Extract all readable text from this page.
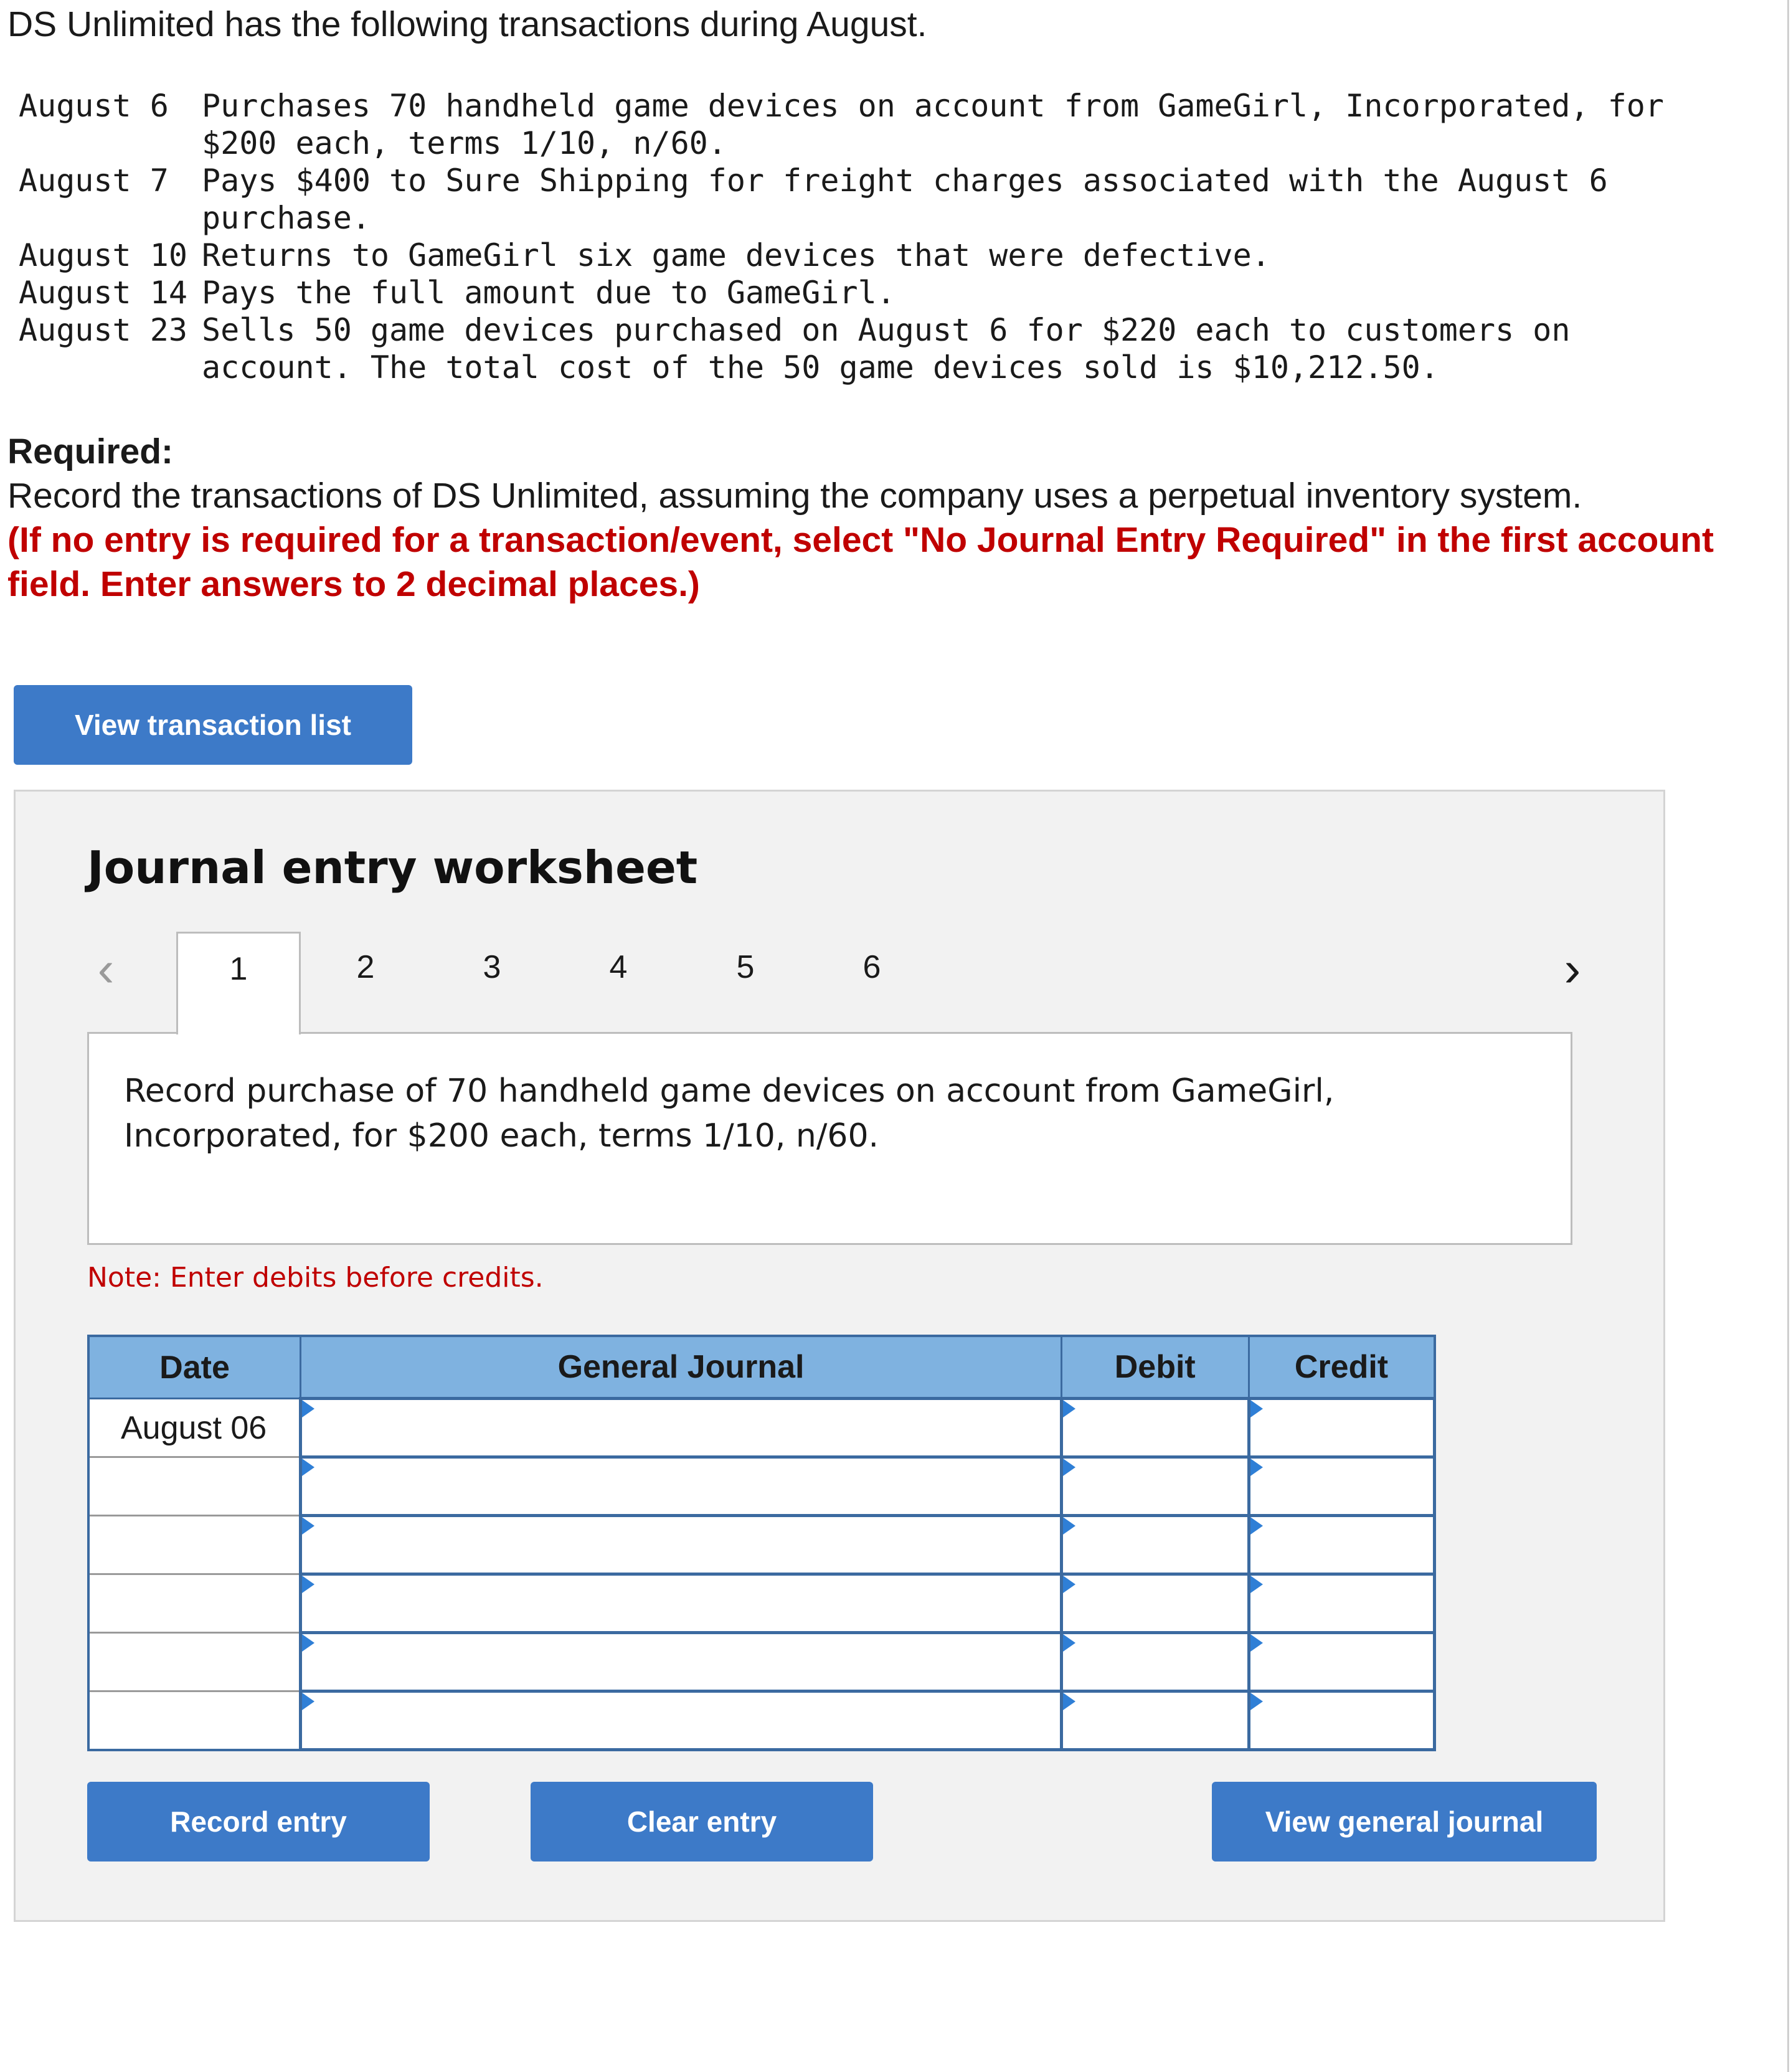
DS Unlimited has the following transactions during August.

August 6	Purchases 70 handheld game devices on account from GameGirl, Incorporated, for $200 each, terms 1/10, n/60.
August 7	Pays $400 to Sure Shipping for freight charges associated with the August 6 purchase.
August 10	Returns to GameGirl six game devices that were defective.
August 14	Pays the full amount due to GameGirl.
August 23	Sells 50 game devices purchased on August 6 for $220 each to customers on account. The total cost of the 50 game devices sold is $10,212.50.
Required:
Record the transactions of DS Unlimited, assuming the company uses a perpetual inventory system.
(If no entry is required for a transaction/event, select "No Journal Entry Required" in the first account field. Enter answers to 2 decimal places.)
View transaction list
Journal entry worksheet
‹	1	2	3	4	5	6	›
Record purchase of 70 handheld game devices on account from GameGirl, Incorporated, for $200 each, terms 1/10, n/60.
Note: Enter debits before credits.
Date	General Journal	Debit	Credit
August 06	

Record entry	Clear entry	View general journal
